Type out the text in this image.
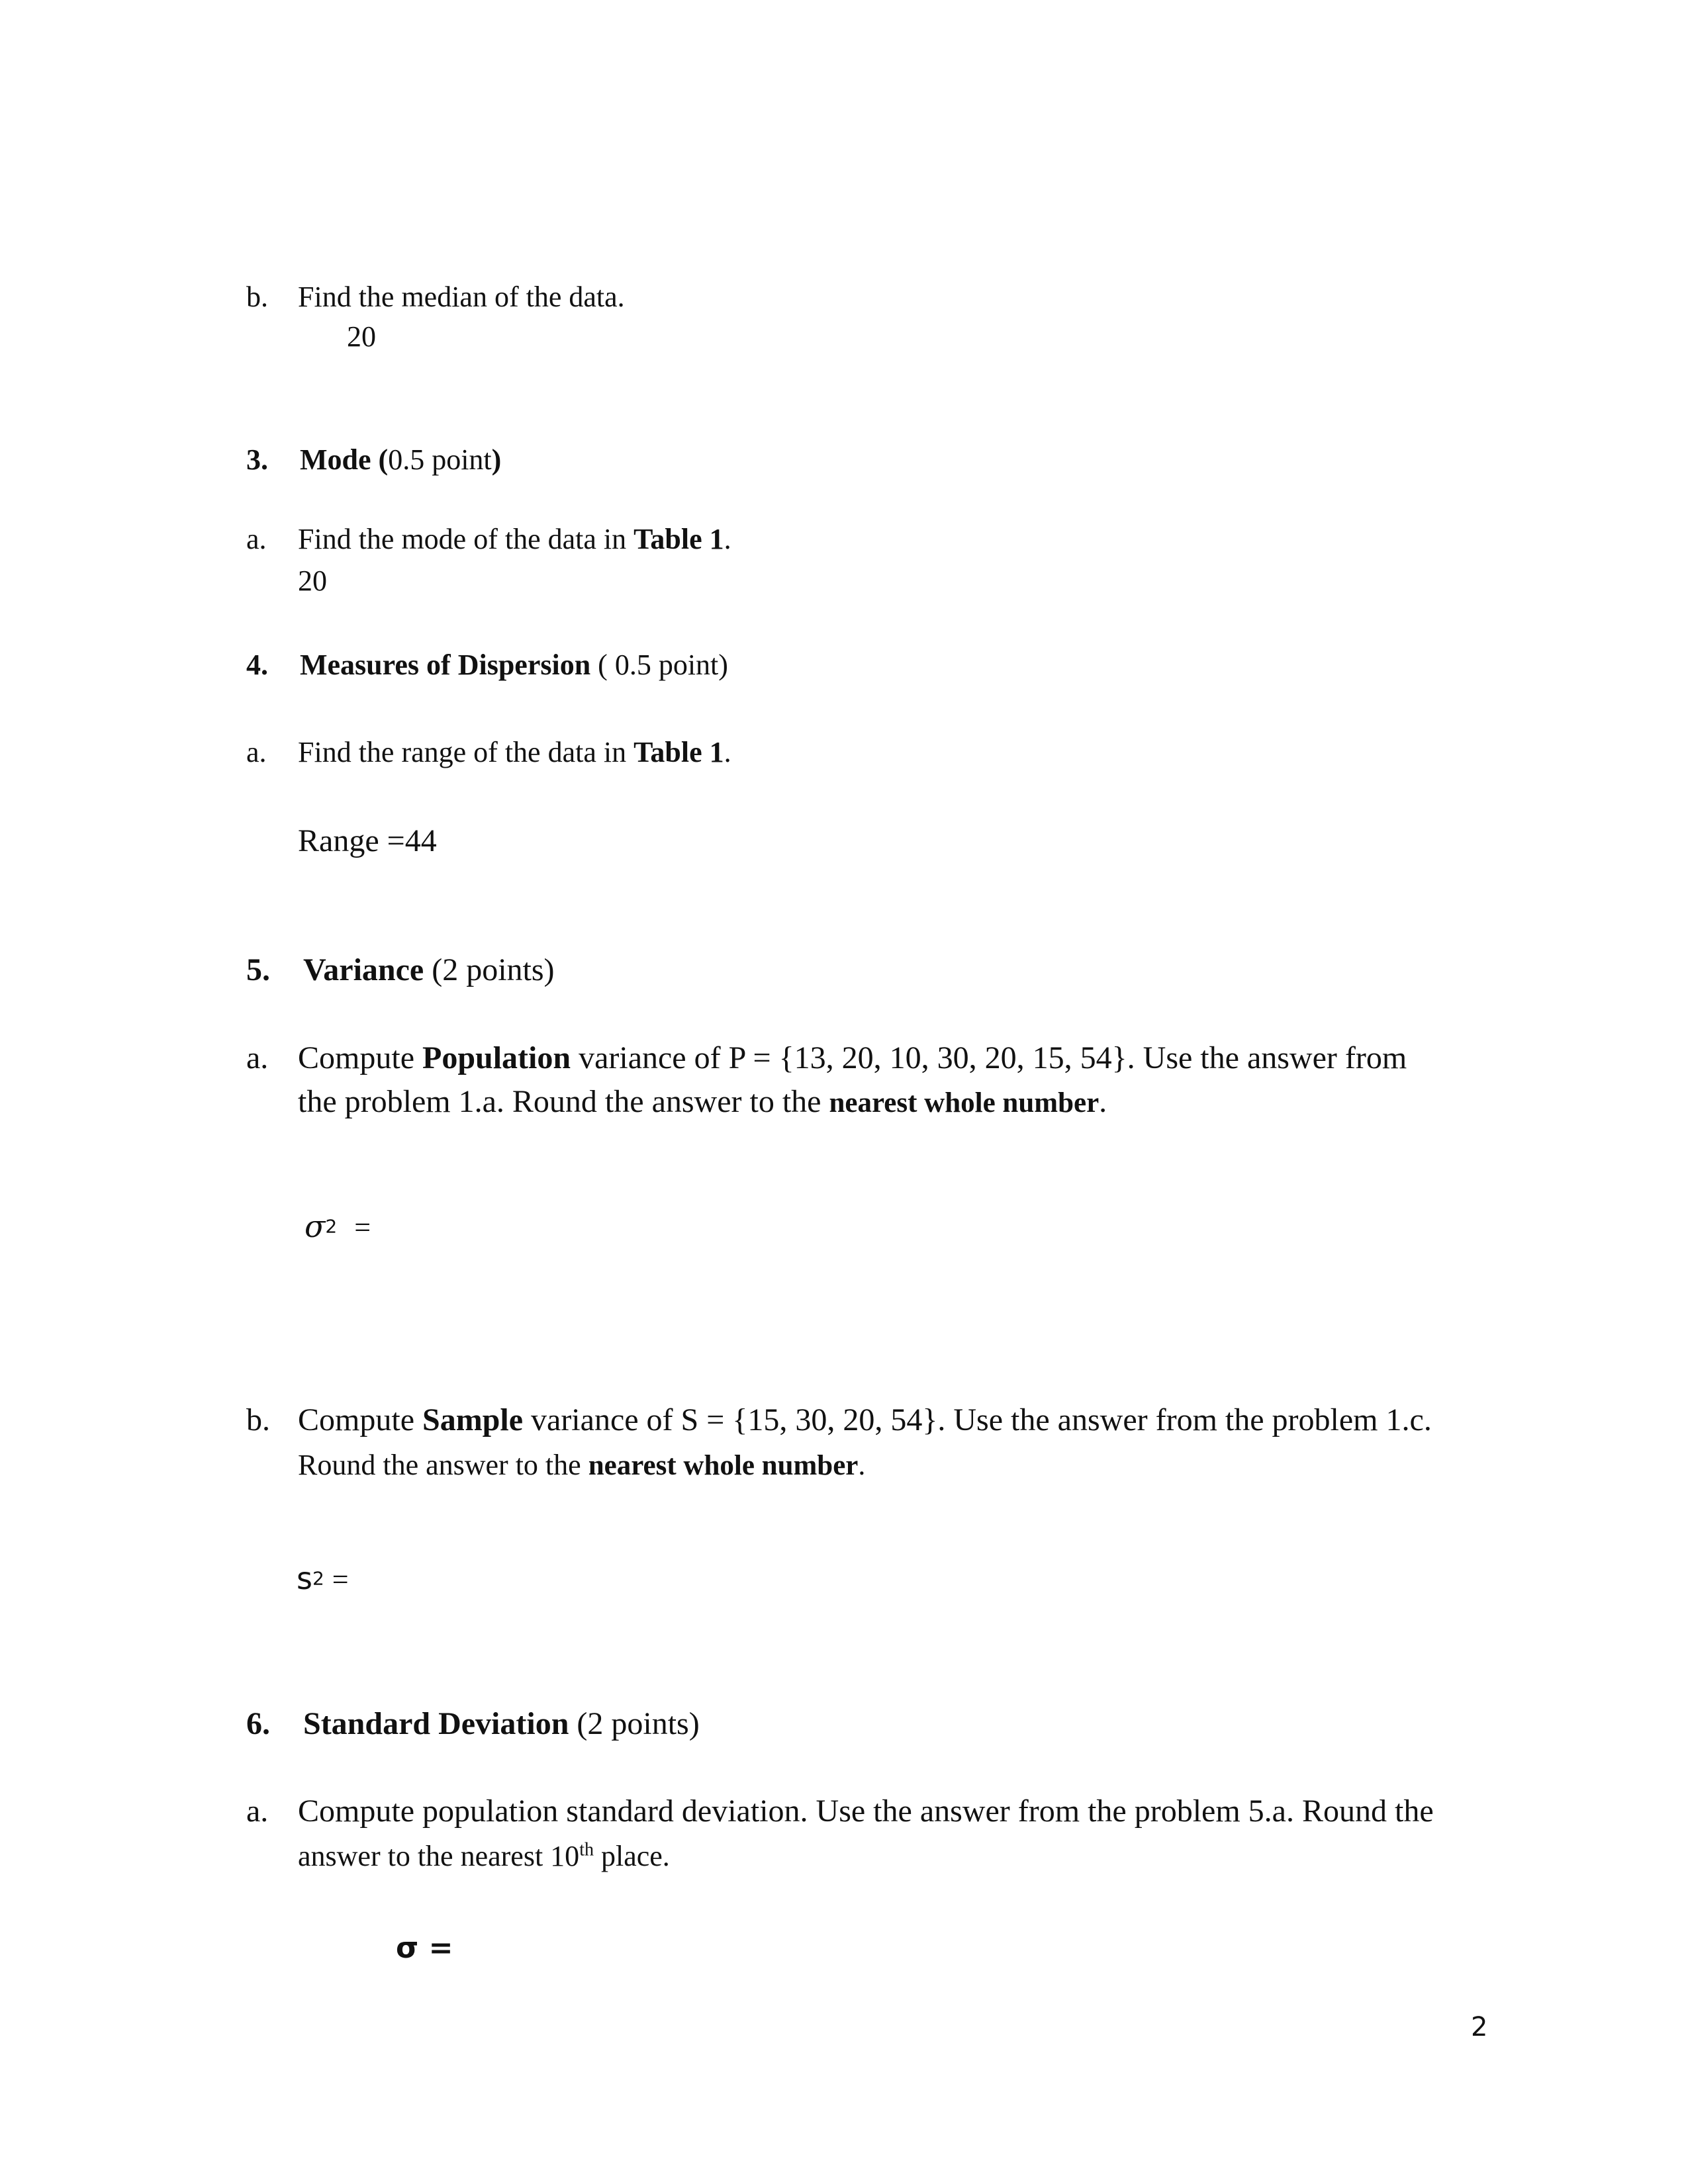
b. Find the median of the data.
20
3. Mode (0.5 point)
a. Find the mode of the data in Table 1.
20
4. Measures of Dispersion ( 0.5 point)
a. Find the range of the data in Table 1.
Range =44
5. Variance (2 points)
a. Compute Population variance of P = {13, 20, 10, 30, 20, 15, 54}. Use the answer from
the problem 1.a. Round the answer to the nearest whole number.
σ2 =
b. Compute Sample variance of S = {15, 30, 20, 54}. Use the answer from the problem 1.c.
Round the answer to the nearest whole number.
s2 =
6. Standard Deviation (2 points)
a. Compute population standard deviation. Use the answer from the problem 5.a. Round the
answer to the nearest 10th place.
σ =
2
